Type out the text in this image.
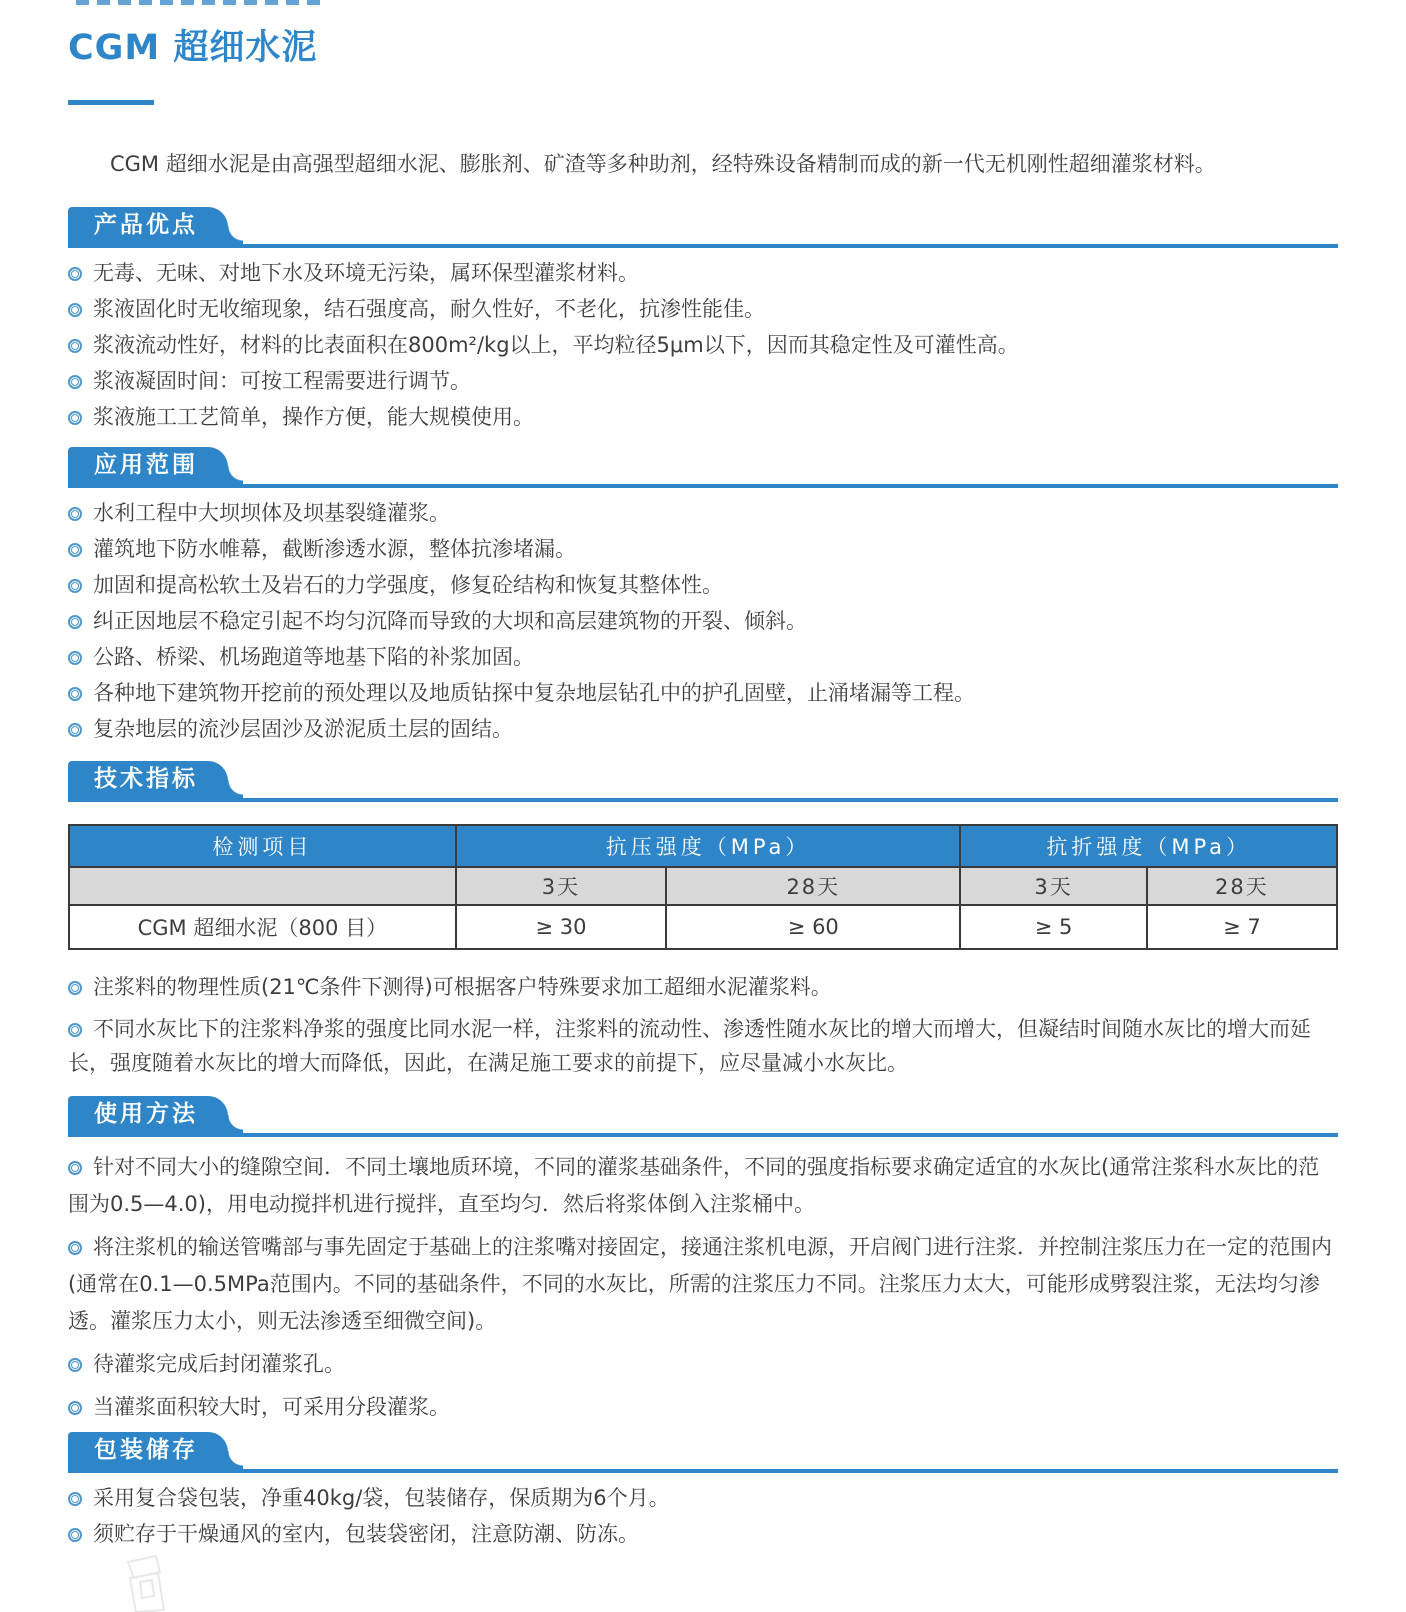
CGM 超细水泥

CGM 超细水泥是由高强型超细水泥、膨胀剂、矿渣等多种助剂，经特殊设备精制而成的新一代无机刚性超细灌浆材料。

产品优点

无毒、无味、对地下水及环境无污染，属环保型灌浆材料。

浆液固化时无收缩现象，结石强度高，耐久性好，不老化，抗渗性能佳。

浆液流动性好，材料的比表面积在800m²/kg以上，平均粒径5μm以下，因而其稳定性及可灌性高。

浆液凝固时间：可按工程需要进行调节。

浆液施工工艺简单，操作方便，能大规模使用。

应用范围

水利工程中大坝坝体及坝基裂缝灌浆。

灌筑地下防水帷幕，截断渗透水源，整体抗渗堵漏。

加固和提高松软土及岩石的力学强度，修复砼结构和恢复其整体性。

纠正因地层不稳定引起不均匀沉降而导致的大坝和高层建筑物的开裂、倾斜。

公路、桥梁、机场跑道等地基下陷的补浆加固。

各种地下建筑物开挖前的预处理以及地质钻探中复杂地层钻孔中的护孔固壁，止涌堵漏等工程。

复杂地层的流沙层固沙及淤泥质土层的固结。

技术指标
检测项目	抗压强度（MPa）		抗折强度（MPa）	
	3天	28天	3天	28天
CGM 超细水泥（800 目）	≥ 30	≥ 60	≥ 5	≥ 7

注浆料的物理性质(21℃条件下测得)可根据客户特殊要求加工超细水泥灌浆料。

不同水灰比下的注浆料净浆的强度比同水泥一样，注浆料的流动性、渗透性随水灰比的增大而增大，但凝结时间随水灰比的增大而延长，强度随着水灰比的增大而降低，因此，在满足施工要求的前提下，应尽量减小水灰比。

使用方法

针对不同大小的缝隙空间．不同土壤地质环境，不同的灌浆基础条件，不同的强度指标要求确定适宜的水灰比(通常注浆科水灰比的范围为0.5—4.0)，用电动搅拌机进行搅拌，直至均匀．然后将浆体倒入注浆桶中。

将注浆机的输送管嘴部与事先固定于基础上的注浆嘴对接固定，接通注浆机电源，开启阀门进行注浆．并控制注浆压力在一定的范围内(通常在0.1—0.5MPa范围内。不同的基础条件，不同的水灰比，所需的注浆压力不同。注浆压力太大，可能形成劈裂注浆，无法均匀渗透。灌浆压力太小，则无法渗透至细微空间)。

待灌浆完成后封闭灌浆孔。

当灌浆面积较大时，可采用分段灌浆。

包装储存

采用复合袋包装，净重40kg/袋，包装储存，保质期为6个月。

须贮存于干燥通风的室内，包装袋密闭，注意防潮、防冻。
